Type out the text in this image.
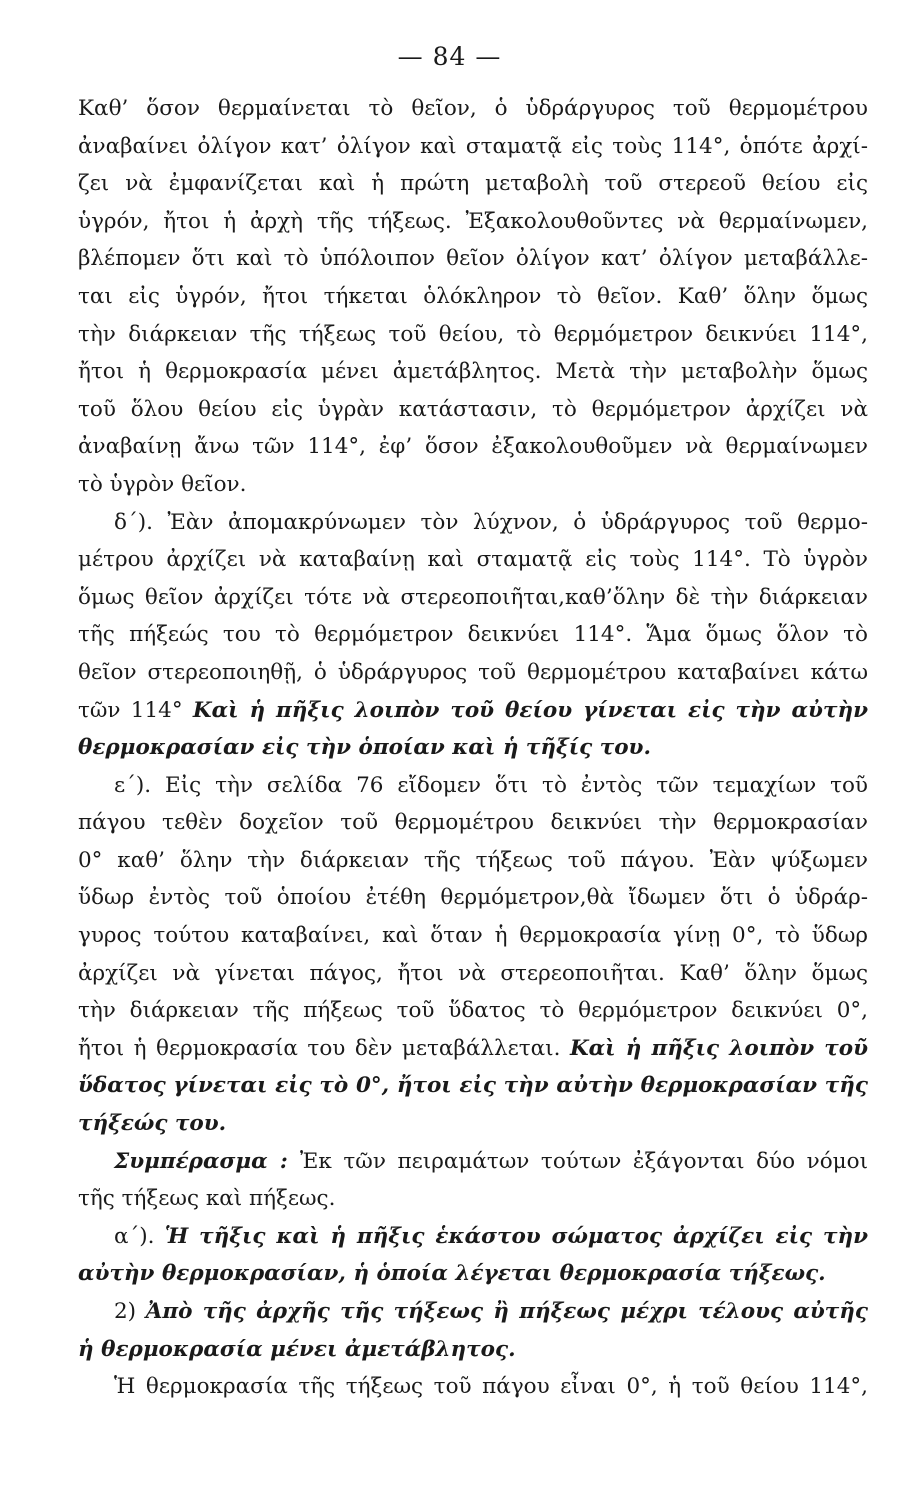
— 84 —
Καθ’ ὅσον θερμαίνεται τὸ θεῖον, ὁ ὑδράργυρος τοῦ θερμομέτρου
ἀναβαίνει ὀλίγον κατ’ ὀλίγον καὶ σταματᾷ εἰς τοὺς 114°, ὁπότε ἀρχί-
ζει νὰ ἐμφανίζεται καὶ ἡ πρώτη μεταβολὴ τοῦ στερεοῦ θείου εἰς
ὑγρόν, ἤτοι ἡ ἀρχὴ τῆς τήξεως. Ἐξακολουθοῦντες νὰ θερμαίνωμεν,
βλέπομεν ὅτι καὶ τὸ ὑπόλοιπον θεῖον ὀλίγον κατ’ ὀλίγον μεταβάλλε-
ται εἰς ὑγρόν, ἤτοι τήκεται ὁλόκληρον τὸ θεῖον. Καθ’ ὅλην ὅμως
τὴν διάρκειαν τῆς τήξεως τοῦ θείου, τὸ θερμόμετρον δεικνύει 114°,
ἤτοι ἡ θερμοκρασία μένει ἀμετάβλητος. Μετὰ τὴν μεταβολὴν ὅμως
τοῦ ὅλου θείου εἰς ὑγρὰν κατάστασιν, τὸ θερμόμετρον ἀρχίζει νὰ
ἀναβαίνῃ ἄνω τῶν 114°, ἐφ’ ὅσον ἐξακολουθοῦμεν νὰ θερμαίνωμεν
τὸ ὑγρὸν θεῖον.
δ΄). Ἐὰν ἀπομακρύνωμεν τὸν λύχνον, ὁ ὑδράργυρος τοῦ θερμο-
μέτρου ἀρχίζει νὰ καταβαίνῃ καὶ σταματᾷ εἰς τοὺς 114°. Τὸ ὑγρὸν
ὅμως θεῖον ἀρχίζει τότε νὰ στερεοποιῆται,καθ’ὅλην δὲ τὴν διάρκειαν
τῆς πήξεώς του τὸ θερμόμετρον δεικνύει 114°. Ἅμα ὅμως ὅλον τὸ
θεῖον στερεοποιηθῇ, ὁ ὑδράργυρος τοῦ θερμομέτρου καταβαίνει κάτω
τῶν 114° Καὶ ἡ πῆξις λοιπὸν τοῦ θείου γίνεται εἰς τὴν αὐτὴν
θερμοκρασίαν εἰς τὴν ὁποίαν καὶ ἡ τῆξίς του.
ε΄). Εἰς τὴν σελίδα 76 εἴδομεν ὅτι τὸ ἐντὸς τῶν τεμαχίων τοῦ
πάγου τεθὲν δοχεῖον τοῦ θερμομέτρου δεικνύει τὴν θερμοκρασίαν
0° καθ’ ὅλην τὴν διάρκειαν τῆς τήξεως τοῦ πάγου. Ἐὰν ψύξωμεν
ὕδωρ ἐντὸς τοῦ ὁποίου ἐτέθη θερμόμετρον,θὰ ἴδωμεν ὅτι ὁ ὑδράρ-
γυρος τούτου καταβαίνει, καὶ ὅταν ἡ θερμοκρασία γίνῃ 0°, τὸ ὕδωρ
ἀρχίζει νὰ γίνεται πάγος, ἤτοι νὰ στερεοποιῆται. Καθ’ ὅλην ὅμως
τὴν διάρκειαν τῆς πήξεως τοῦ ὕδατος τὸ θερμόμετρον δεικνύει 0°,
ἤτοι ἡ θερμοκρασία του δὲν μεταβάλλεται. Καὶ ἡ πῆξις λοιπὸν τοῦ
ὕδατος γίνεται εἰς τὸ 0°, ἤτοι εἰς τὴν αὐτὴν θερμοκρασίαν τῆς
τήξεώς του.
Συμπέρασμα : Ἐκ τῶν πειραμάτων τούτων ἐξάγονται δύο νόμοι
τῆς τήξεως καὶ πήξεως.
α΄). Ἡ τῆξις καὶ ἡ πῆξις ἑκάστου σώματος ἀρχίζει εἰς τὴν
αὐτὴν θερμοκρασίαν, ἡ ὁποία λέγεται θερμοκρασία τήξεως.
2) Ἀπὸ τῆς ἀρχῆς τῆς τήξεως ἢ πήξεως μέχρι τέλους αὐτῆς
ἡ θερμοκρασία μένει ἀμετάβλητος.
Ἡ θερμοκρασία τῆς τήξεως τοῦ πάγου εἶναι 0°, ἡ τοῦ θείου 114°,
